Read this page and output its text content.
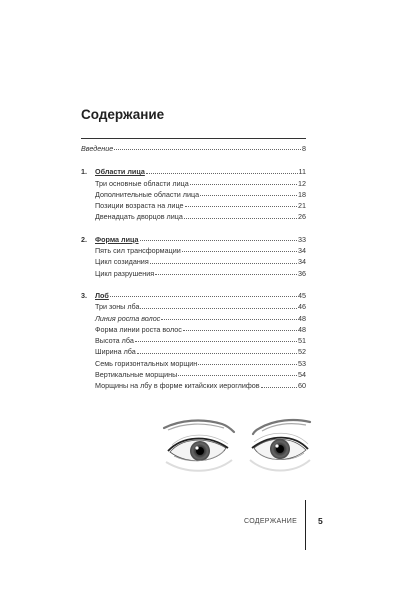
Содержание
Введение	8
1.	Области лица	11
Три основные области лица	12
Дополнительные области лица	18
Позиции возраста на лице	21
Двенадцать дворцов лица	26
2.	Форма лица	33
Пять сил трансформации	34
Цикл созидания	34
Цикл разрушения	36
3.	Лоб	45
Три зоны лба	46
Линия роста волос	48
Форма линии роста волос	48
Высота лба	51
Ширина лба	52
Семь горизонтальных морщин	53
Вертикальные морщины	54
Морщины на лбу в форме китайских иероглифов	60
СОДЕРЖАНИЕ 5
